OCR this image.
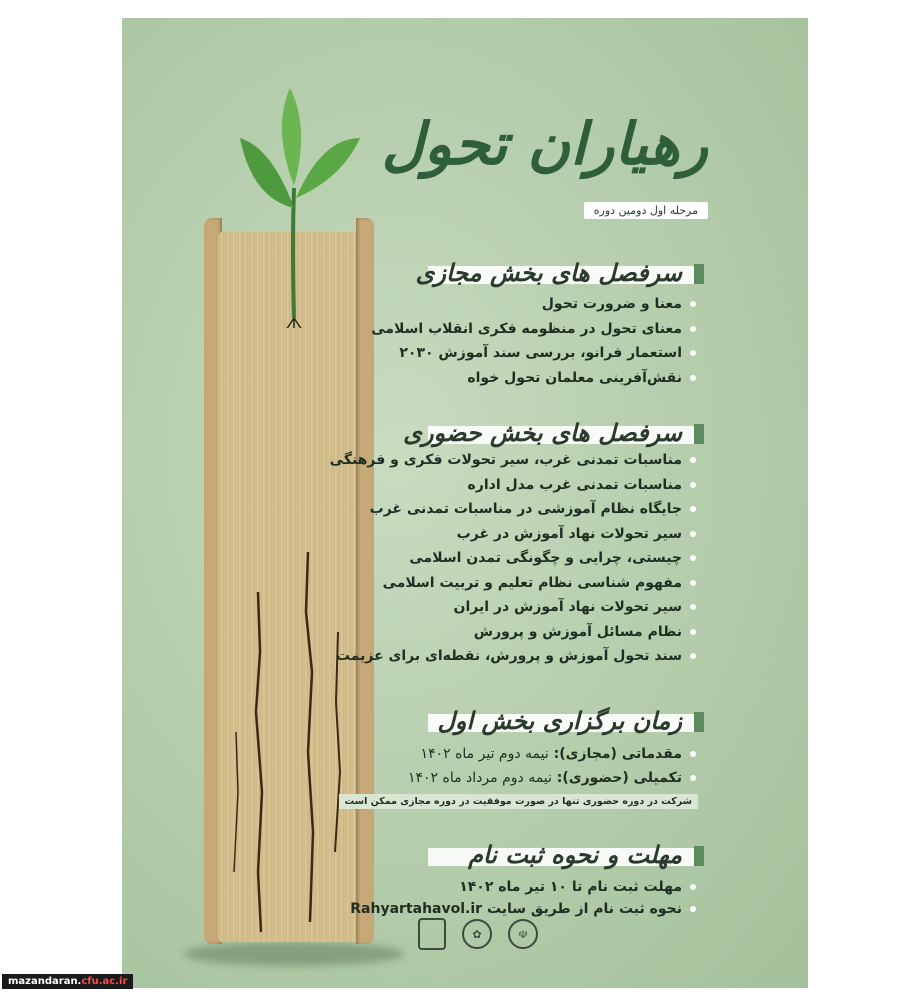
رهیاران تحول
مرحله اول دومین دوره
سرفصل های بخش مجازی
معنا و ضرورت تحول
معنای تحول در منظومه فکری انقلاب اسلامی
استعمار فرانو، بررسی سند آموزش ۲۰۳۰
نقش‌آفرینی معلمان تحول خواه
سرفصل های بخش حضوری
مناسبات تمدنی غرب، سیر تحولات فکری و فرهنگی
مناسبات تمدنی غرب مدل اداره
جایگاه نظام آموزشی در مناسبات تمدنی غرب
سیر تحولات نهاد آموزش در غرب
چیستی، چرایی و چگونگی تمدن اسلامی
مفهوم شناسی نظام تعلیم و تربیت اسلامی
سیر تحولات نهاد آموزش در ایران
نظام مسائل آموزش و پرورش
سند تحول آموزش و پرورش، نقطه‌ای برای عزیمت
زمان برگزاری بخش اول
مقدماتی (مجازی):

نیمه دوم تیر ماه ۱۴۰۲
تکمیلی (حضوری):

نیمه دوم مرداد ماه ۱۴۰۲
شرکت در دوره حضوری تنها در صورت موفقیت در دوره مجازی ممکن است
مهلت و نحوه ثبت نام
مهلت ثبت نام تا ۱۰ تیر ماه ۱۴۰۲
نحوه ثبت نام از طریق سایت

Rahyartahavol.ir
✿	☫
mazandaran.cfu.ac.ir
